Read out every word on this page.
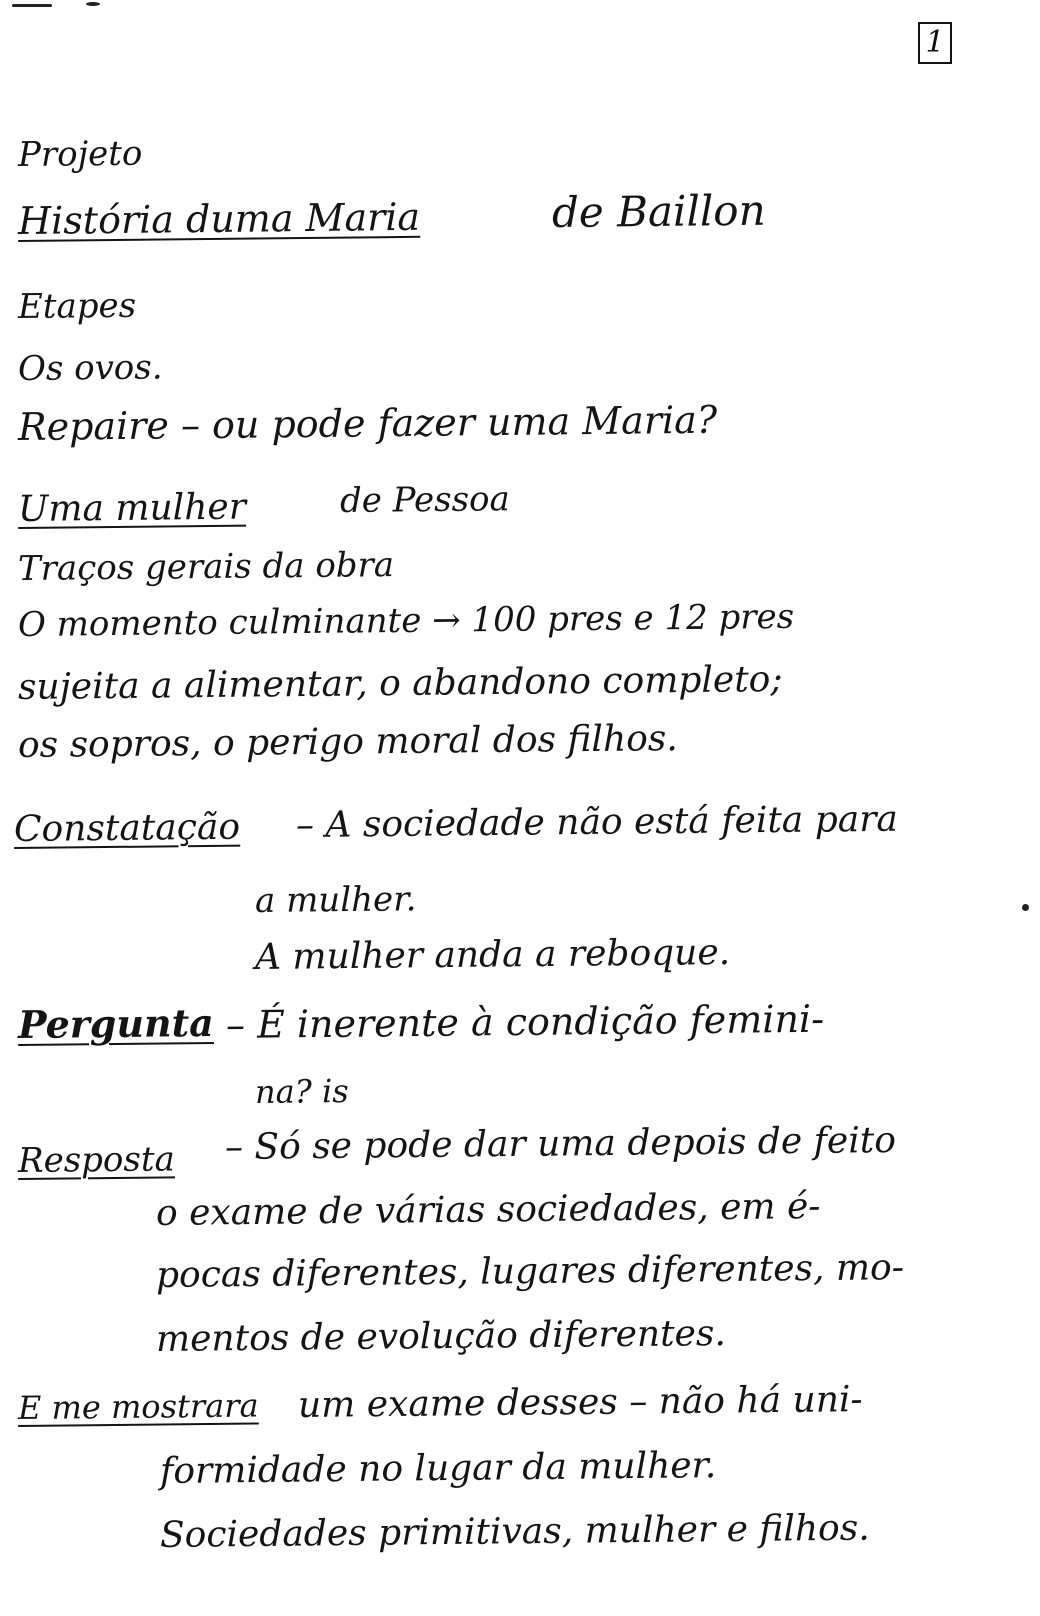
1
Projeto
História duma Maria	de Baillon
Etapes
Os ovos.
Repaire – ou pode fazer uma Maria?
Uma mulher	de Pessoa
Traços gerais da obra
O momento culminante → 100 pres e 12 pres
sujeita a alimentar, o abandono completo;
os sopros, o perigo moral dos filhos.
Constatação – A sociedade não está feita para
a mulher.
A mulher anda a reboque.
Pergunta – É inerente à condição femini-
na? is
Resposta – Só se pode dar uma depois de feito
o exame de várias sociedades, em é-
pocas diferentes, lugares diferentes, mo-
mentos de evolução diferentes.
E me mostrara um exame desses – não há uni-
formidade no lugar da mulher.
Sociedades primitivas, mulher e filhos.
